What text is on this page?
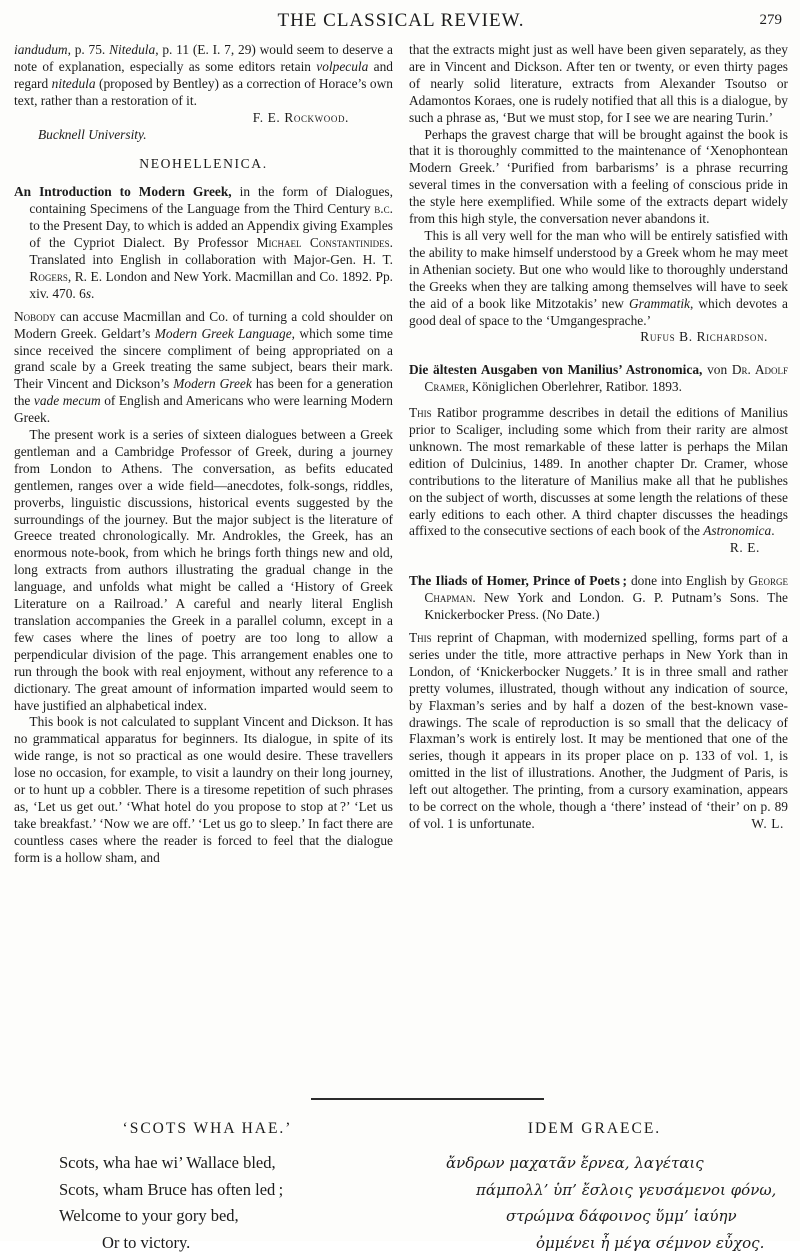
THE CLASSICAL REVIEW.	279

iandudum, p. 75. Nitedula, p. 11 (E. I. 7, 29) would seem to deserve a note of explanation, especially as some editors retain volpecula and regard nitedula (proposed by Bentley) as a correction of Horace’s own text, rather than a restoration of it.

F. E. Rockwood.
Bucknell University.
NEOHELLENICA.

An Introduction to Modern Greek, in the form of Dialogues, containing Specimens of the Language from the Third Century b.c. to the Present Day, to which is added an Appendix giving Examples of the Cypriot Dialect. By Professor Michael Constantinides. Translated into English in collaboration with Major-Gen. H. T. Rogers, R. E. London and New York. Macmillan and Co. 1892. Pp. xiv. 470. 6s.

Nobody can accuse Macmillan and Co. of turning a cold shoulder on Modern Greek. Geldart’s Modern Greek Language, which some time since received the sincere compliment of being appropriated on a grand scale by a Greek treating the same subject, bears their mark. Their Vincent and Dickson’s Modern Greek has been for a generation the vade mecum of English and Americans who were learning Modern Greek.

The present work is a series of sixteen dialogues between a Greek gentleman and a Cambridge Professor of Greek, during a journey from London to Athens. The conversation, as befits educated gentlemen, ranges over a wide field—anecdotes, folk-songs, riddles, proverbs, linguistic discussions, historical events suggested by the surroundings of the journey. But the major subject is the literature of Greece treated chronologically. Mr. Androkles, the Greek, has an enormous note-book, from which he brings forth things new and old, long extracts from authors illustrating the gradual change in the language, and unfolds what might be called a ‘History of Greek Literature on a Railroad.’ A careful and nearly literal English translation accompanies the Greek in a parallel column, except in a few cases where the lines of poetry are too long to allow a perpendicular division of the page. This arrangement enables one to run through the book with real enjoyment, without any reference to a dictionary. The great amount of information imparted would seem to have justified an alphabetical index.

This book is not calculated to supplant Vincent and Dickson. It has no grammatical apparatus for beginners. Its dialogue, in spite of its wide range, is not so practical as one would desire. These travellers lose no occasion, for example, to visit a laundry on their long journey, or to hunt up a cobbler. There is a tiresome repetition of such phrases as, ‘Let us get out.’ ‘What hotel do you propose to stop at ?’ ‘Let us take breakfast.’ ‘Now we are off.’ ‘Let us go to sleep.’ In fact there are countless cases where the reader is forced to feel that the dialogue form is a hollow sham, and

that the extracts might just as well have been given separately, as they are in Vincent and Dickson. After ten or twenty, or even thirty pages of nearly solid literature, extracts from Alexander Tsoutso or Adamontos Koraes, one is rudely notified that all this is a dialogue, by such a phrase as, ‘But we must stop, for I see we are nearing Turin.’

Perhaps the gravest charge that will be brought against the book is that it is thoroughly committed to the maintenance of ‘Xenophontean Modern Greek.’ ‘Purified from barbarisms’ is a phrase recurring several times in the conversation with a feeling of conscious pride in the style here exemplified. While some of the extracts depart widely from this high style, the conversation never abandons it.

This is all very well for the man who will be entirely satisfied with the ability to make himself understood by a Greek whom he may meet in Athenian society. But one who would like to thoroughly understand the Greeks when they are talking among themselves will have to seek the aid of a book like Mitzotakis’ new Grammatik, which devotes a good deal of space to the ‘Umgangesprache.’

Rufus B. Richardson.

Die ältesten Ausgaben von Manilius’ Astronomica, von Dr. Adolf Cramer, Königlichen Oberlehrer, Ratibor. 1893.

This Ratibor programme describes in detail the editions of Manilius prior to Scaliger, including some which from their rarity are almost unknown. The most remarkable of these latter is perhaps the Milan edition of Dulcinius, 1489. In another chapter Dr. Cramer, whose contributions to the literature of Manilius make all that he publishes on the subject of worth, discusses at some length the relations of these early editions to each other. A third chapter discusses the headings affixed to the consecutive sections of each book of the Astronomica.

R. E.

The Iliads of Homer, Prince of Poets ; done into English by George Chapman. New York and London. G. P. Putnam’s Sons. The Knickerbocker Press. (No Date.)

This reprint of Chapman, with modernized spelling, forms part of a series under the title, more attractive perhaps in New York than in London, of ‘Knickerbocker Nuggets.’ It is in three small and rather pretty volumes, illustrated, though without any indication of source, by Flaxman’s series and by half a dozen of the best-known vase-drawings. The scale of reproduction is so small that the delicacy of Flaxman’s work is entirely lost. It may be mentioned that one of the series, though it appears in its proper place on p. 133 of vol. 1, is omitted in the list of illustrations. Another, the Judgment of Paris, is left out altogether. The printing, from a cursory examination, appears to be correct on the whole, though a ‘there’ instead of ‘their’ on p. 89 of vol. 1 is unfortunate.	W. L.

‘SCOTS WHA HAE.’
Scots, wha hae wi’ Wallace bled,
Scots, wham Bruce has often led ;
Welcome to your gory bed,
Or to victory.
IDEM GRAECE.
ἄνδρων μαχατᾶν ἔρνεα, λαγέταις
πάμπολλ’ ὑπ’ ἔσλοις γευσάμενοι φόνω,
στρώμνα δάφοινος ὕμμ’ ἰαύην
ὀμμένει ἦ μέγα σέμνον εὖχος.
